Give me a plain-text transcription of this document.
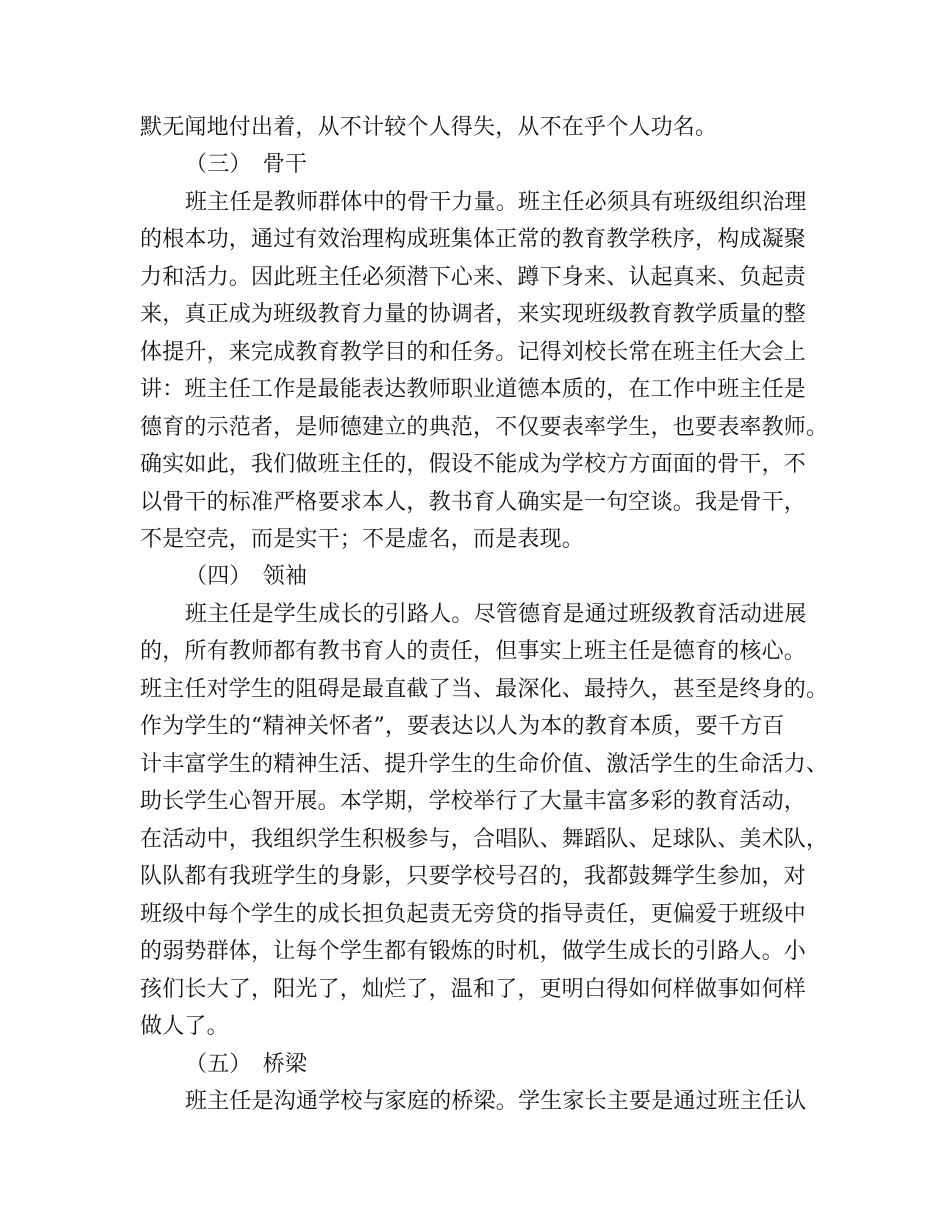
默无闻地付出着，从不计较个人得失，从不在乎个人功名。
（三）　骨干
班主任是教师群体中的骨干力量。班主任必须具有班级组织治理
的根本功，通过有效治理构成班集体正常的教育教学秩序，构成凝聚
力和活力。因此班主任必须潜下心来、蹲下身来、认起真来、负起责
来，真正成为班级教育力量的协调者，来实现班级教育教学质量的整
体提升，来完成教育教学目的和任务。记得刘校长常在班主任大会上
讲：班主任工作是最能表达教师职业道德本质的，在工作中班主任是
德育的示范者，是师德建立的典范，不仅要表率学生，也要表率教师。
确实如此，我们做班主任的，假设不能成为学校方方面面的骨干，不
以骨干的标准严格要求本人，教书育人确实是一句空谈。我是骨干，
不是空壳，而是实干；不是虚名，而是表现。
（四）　领袖
班主任是学生成长的引路人。尽管德育是通过班级教育活动进展
的，所有教师都有教书育人的责任，但事实上班主任是德育的核心。
班主任对学生的阻碍是最直截了当、最深化、最持久，甚至是终身的。
作为学生的“精神关怀者”，要表达以人为本的教育本质，要千方百
计丰富学生的精神生活、提升学生的生命价值、激活学生的生命活力、
助长学生心智开展。本学期，学校举行了大量丰富多彩的教育活动，
在活动中，我组织学生积极参与，合唱队、舞蹈队、足球队、美术队，
队队都有我班学生的身影，只要学校号召的，我都鼓舞学生参加，对
班级中每个学生的成长担负起责无旁贷的指导责任，更偏爱于班级中
的弱势群体，让每个学生都有锻炼的时机，做学生成长的引路人。小
孩们长大了，阳光了，灿烂了，温和了，更明白得如何样做事如何样
做人了。
（五）　桥梁
班主任是沟通学校与家庭的桥梁。学生家长主要是通过班主任认
